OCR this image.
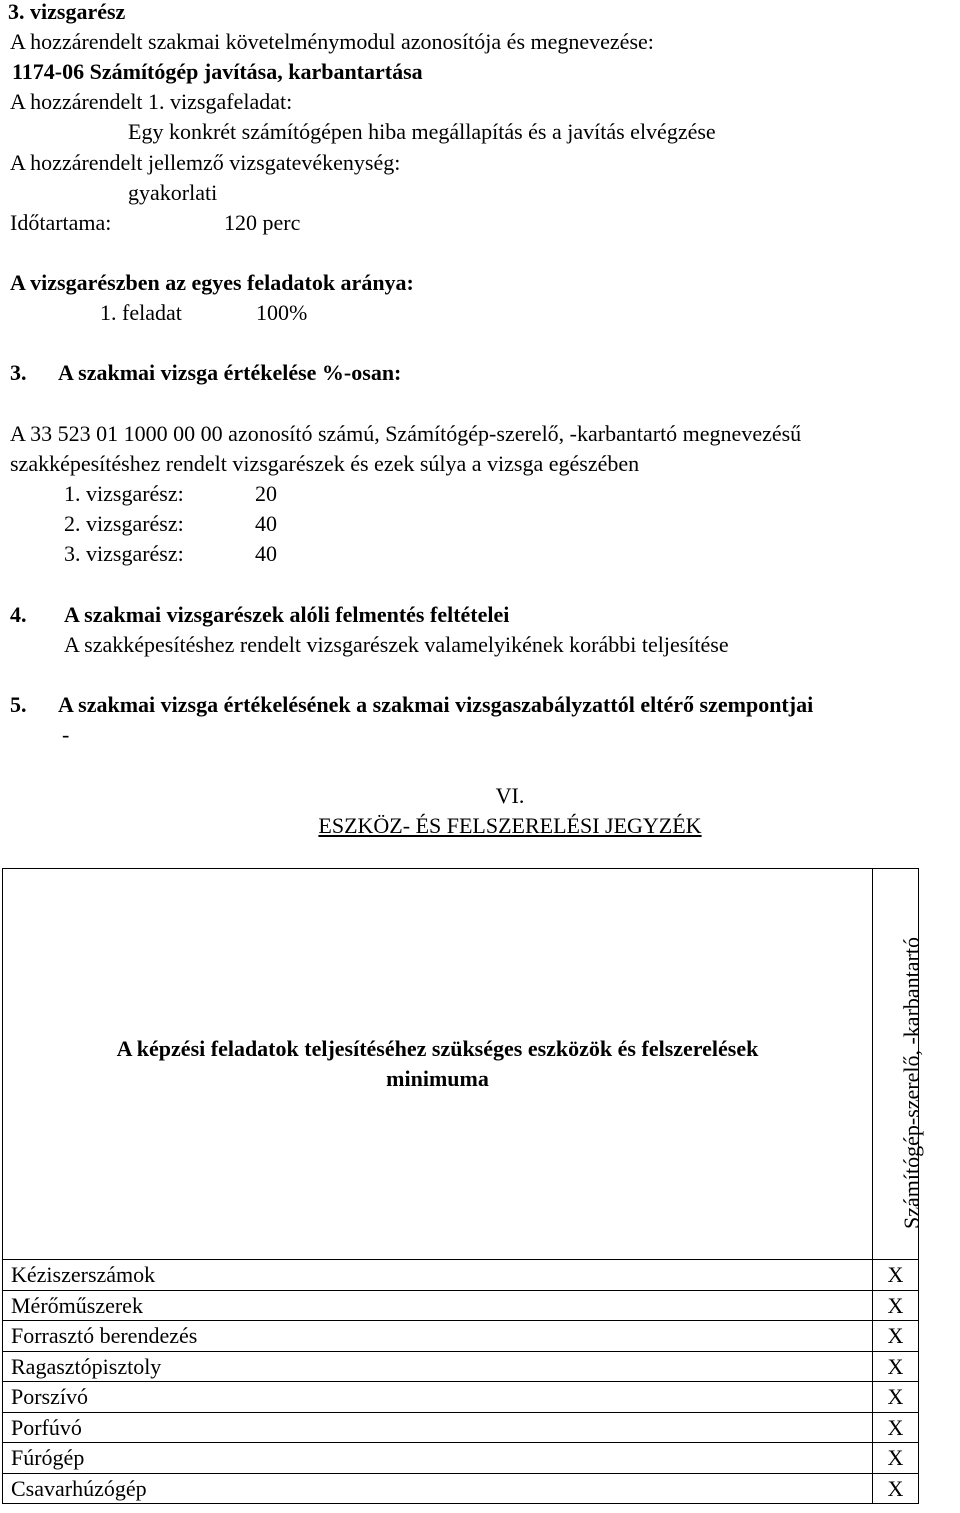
3. vizsgarész
A hozzárendelt szakmai követelménymodul azonosítója és megnevezése:
1174-06 Számítógép javítása, karbantartása
A hozzárendelt 1. vizsgafeladat:
Egy konkrét számítógépen hiba megállapítás és a javítás elvégzése
A hozzárendelt jellemző vizsgatevékenység:
gyakorlati
Időtartama:	120 perc
A vizsgarészben az egyes feladatok aránya:
1. feladat	100%
3. A szakmai vizsga értékelése %-osan:
A 33 523 01 1000 00 00 azonosító számú, Számítógép-szerelő, -karbantartó megnevezésű
szakképesítéshez rendelt vizsgarészek és ezek súlya a vizsga egészében
1. vizsgarész:	20
2. vizsgarész:	40
3. vizsgarész:	40
4. A szakmai vizsgarészek alóli felmentés feltételei
A szakképesítéshez rendelt vizsgarészek valamelyikének korábbi teljesítése
5. A szakmai vizsga értékelésének a szakmai vizsgaszabályzattól eltérő szempontjai
-
VI.
ESZKÖZ- ÉS FELSZERELÉSI JEGYZÉK
A képzési feladatok teljesítéséhez szükséges eszközök és felszerelések
minimuma	Számítógép-szerelő, -karbantartó

Kéziszerszámok	X
Mérőműszerek	X
Forrasztó berendezés	X
Ragasztópisztoly	X
Porszívó	X
Porfúvó	X
Fúrógép	X
Csavarhúzógép	X
